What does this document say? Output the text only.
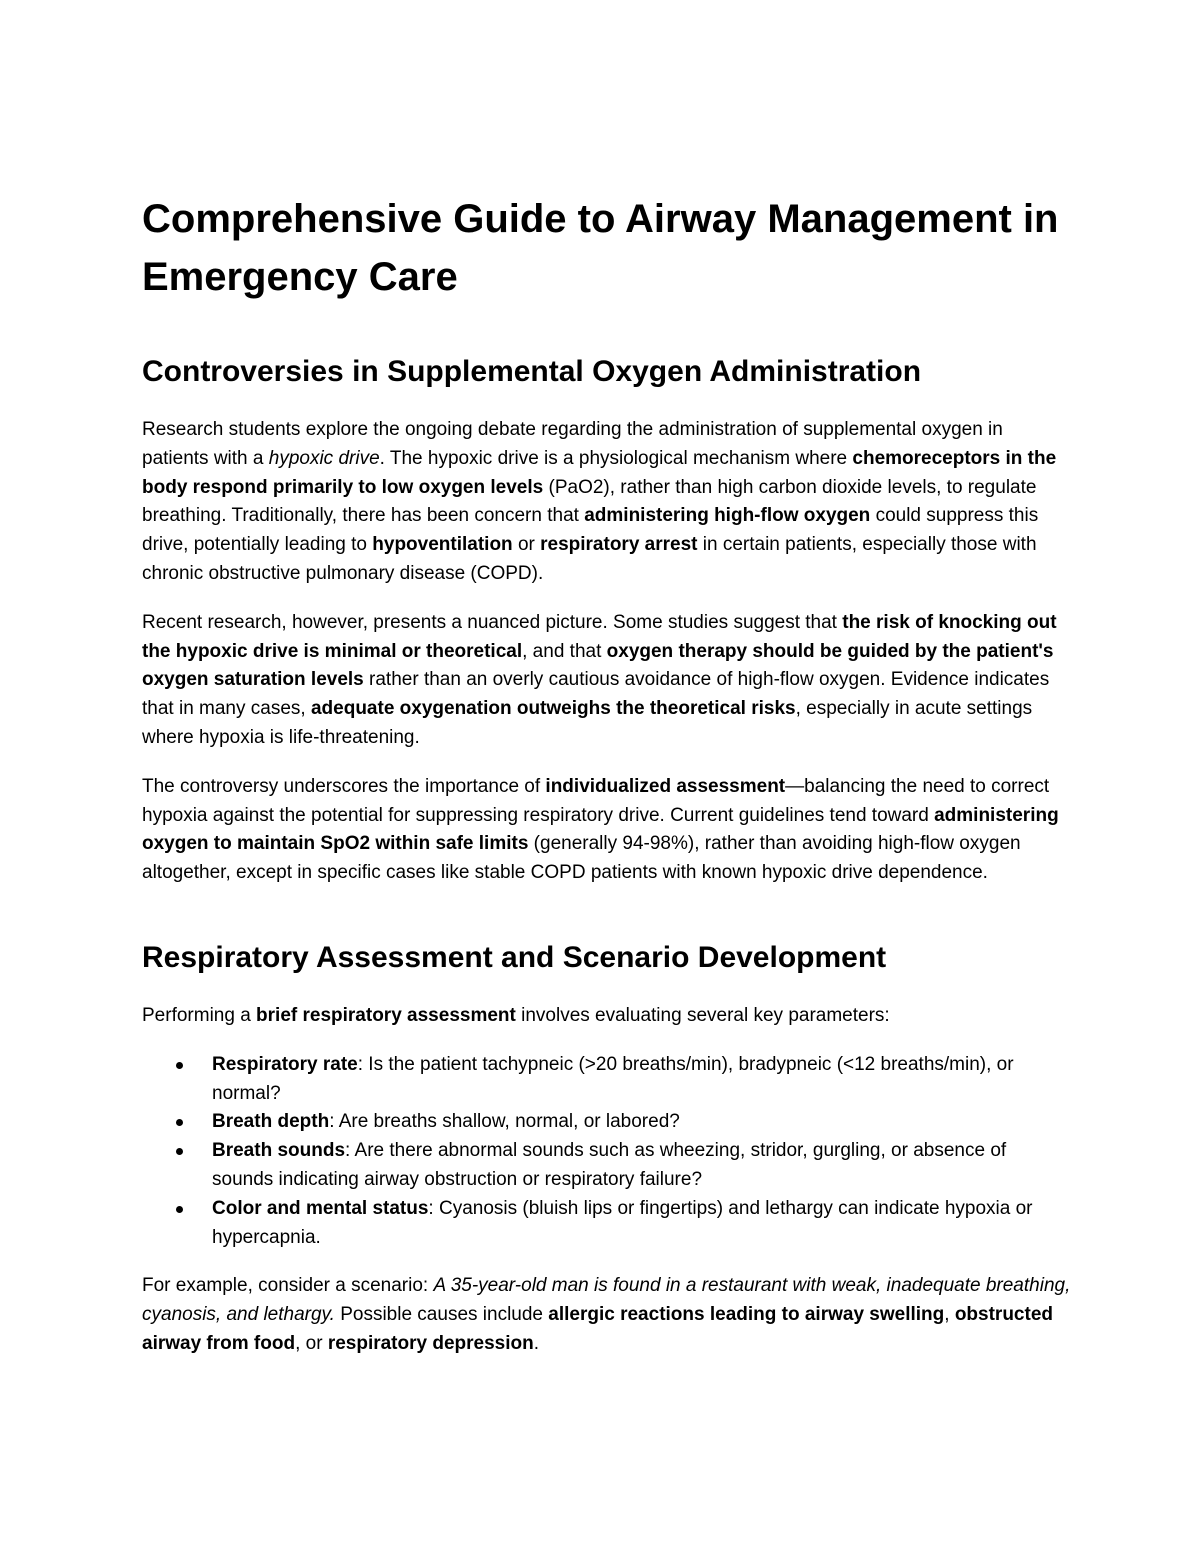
Comprehensive Guide to Airway Management in Emergency Care
Controversies in Supplemental Oxygen Administration

Research students explore the ongoing debate regarding the administration of supplemental oxygen in patients with a hypoxic drive. The hypoxic drive is a physiological mechanism where chemoreceptors in the body respond primarily to low oxygen levels (PaO2), rather than high carbon dioxide levels, to regulate breathing. Traditionally, there has been concern that administering high-flow oxygen could suppress this drive, potentially leading to hypoventilation or respiratory arrest in certain patients, especially those with chronic obstructive pulmonary disease (COPD).

Recent research, however, presents a nuanced picture. Some studies suggest that the risk of knocking out the hypoxic drive is minimal or theoretical, and that oxygen therapy should be guided by the patient's oxygen saturation levels rather than an overly cautious avoidance of high-flow oxygen. Evidence indicates that in many cases, adequate oxygenation outweighs the theoretical risks, especially in acute settings where hypoxia is life-threatening.

The controversy underscores the importance of individualized assessment—balancing the need to correct hypoxia against the potential for suppressing respiratory drive. Current guidelines tend toward administering oxygen to maintain SpO2 within safe limits (generally 94-98%), rather than avoiding high-flow oxygen altogether, except in specific cases like stable COPD patients with known hypoxic drive dependence.

Respiratory Assessment and Scenario Development

Performing a brief respiratory assessment involves evaluating several key parameters:

Respiratory rate: Is the patient tachypneic (>20 breaths/min), bradypneic (<12 breaths/min), or normal?
Breath depth: Are breaths shallow, normal, or labored?
Breath sounds: Are there abnormal sounds such as wheezing, stridor, gurgling, or absence of sounds indicating airway obstruction or respiratory failure?
Color and mental status: Cyanosis (bluish lips or fingertips) and lethargy can indicate hypoxia or hypercapnia.

For example, consider a scenario: A 35-year-old man is found in a restaurant with weak, inadequate breathing, cyanosis, and lethargy. Possible causes include allergic reactions leading to airway swelling, obstructed airway from food, or respiratory depression.
